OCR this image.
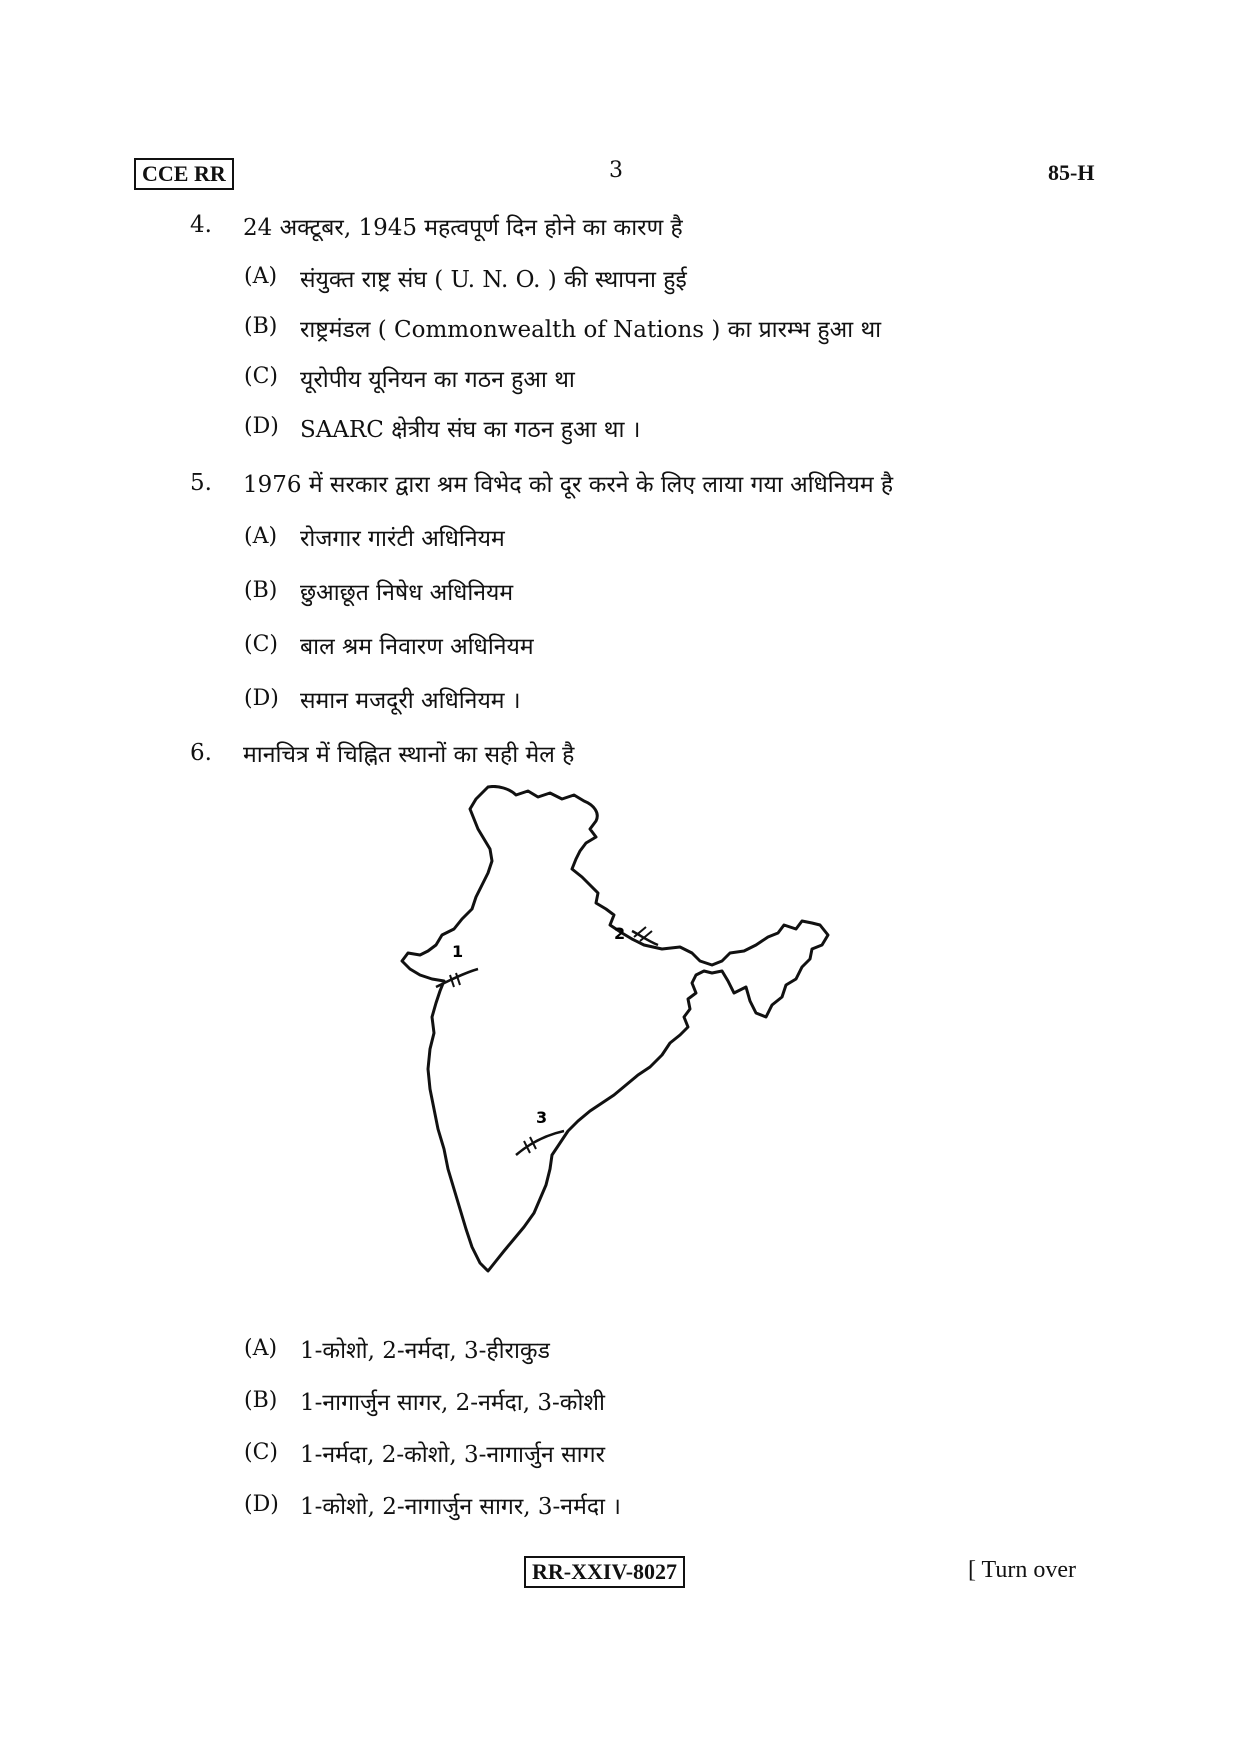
CCE RR	3	85-H
4. 24 अक्टूबर, 1945 महत्वपूर्ण दिन होने का कारण है
(A) संयुक्त राष्ट्र संघ ( U. N. O. ) की स्थापना हुई
(B) राष्ट्रमंडल ( Commonwealth of Nations ) का प्रारम्भ हुआ था
(C) यूरोपीय यूनियन का गठन हुआ था
(D) SAARC क्षेत्रीय संघ का गठन हुआ था ।
5. 1976 में सरकार द्वारा श्रम विभेद को दूर करने के लिए लाया गया अधिनियम है
(A) रोजगार गारंटी अधिनियम
(B) छुआछूत निषेध अधिनियम
(C) बाल श्रम निवारण अधिनियम
(D) समान मजदूरी अधिनियम ।
6. मानचित्र में चिह्नित स्थानों का सही मेल है
1
2
3
(A) 1-कोशो, 2-नर्मदा, 3-हीराकुड
(B) 1-नागार्जुन सागर, 2-नर्मदा, 3-कोशी
(C) 1-नर्मदा, 2-कोशो, 3-नागार्जुन सागर
(D) 1-कोशो, 2-नागार्जुन सागर, 3-नर्मदा ।
RR-XXIV-8027	[ Turn over
